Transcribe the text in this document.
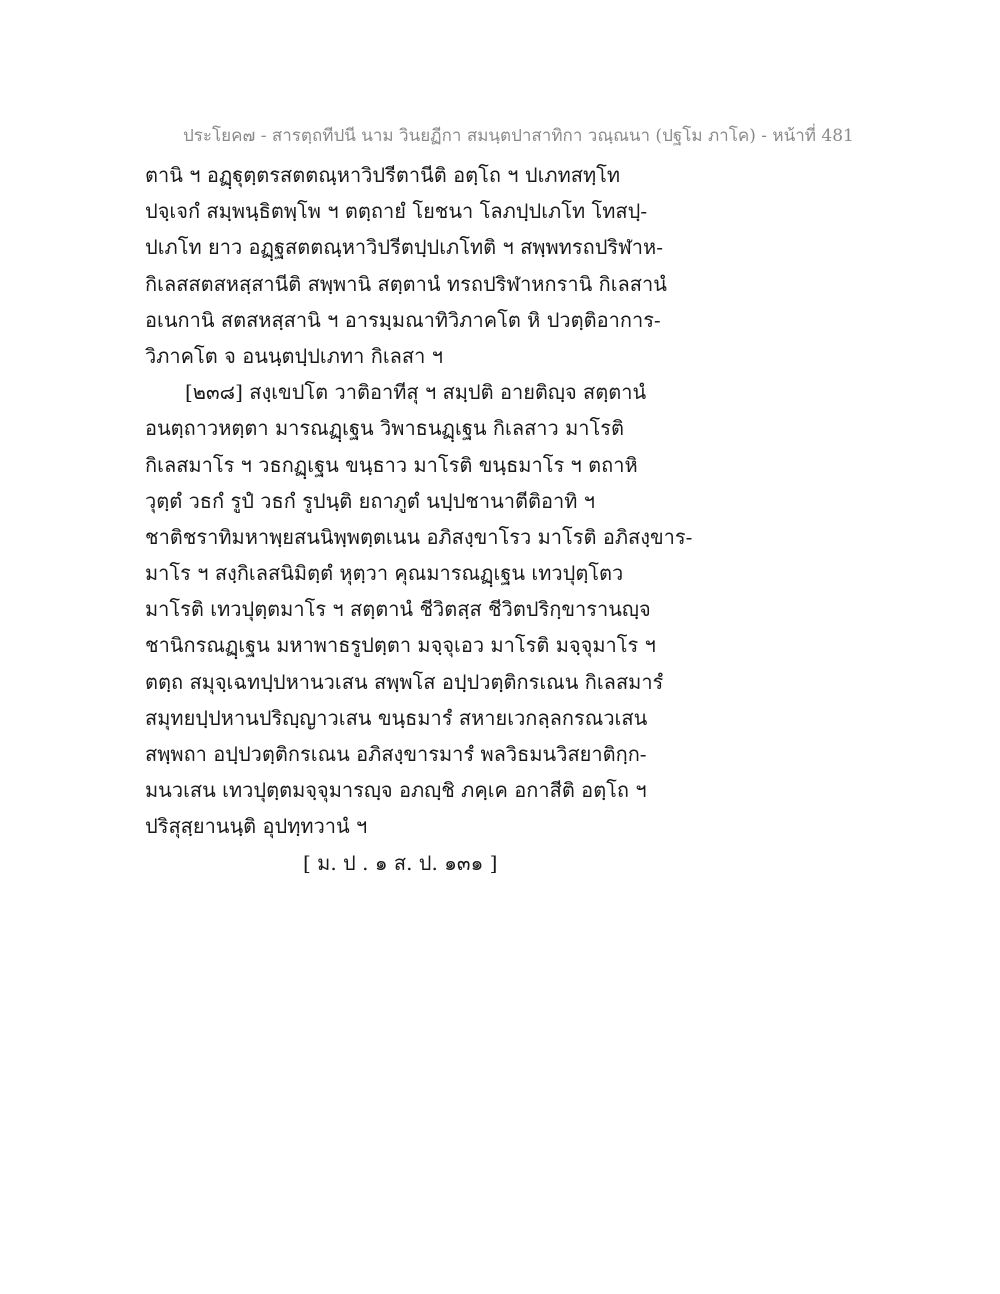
ประโยค๗ - สารตฺถทีปนี นาม วินยฏีกา สมนฺตปาสาทิกา วณฺณนา (ปฐโม ภาโค) - หน้าที่ 481
ตานิ ฯ อฏฺฐุตฺตรสตตณฺหาวิปรีตานีติ อตฺโถ ฯ ปเภทสทฺโท
ปจฺเจกํ สมฺพนฺธิตพฺโพ ฯ ตตฺถายํ โยชนา โลภปฺปเภโท โทสปฺ-
ปเภโท ยาว อฏฺฐสตตณฺหาวิปรีตปฺปเภโทติ ฯ สพฺพทรถปริฬาห-
กิเลสสตสหสฺสานีติ สพฺพานิ สตฺตานํ ทรถปริฬาหกรานิ กิเลสานํ
อเนกานิ สตสหสฺสานิ ฯ อารมฺมณาทิวิภาคโต หิ ปวตฺติอาการ-
วิภาคโต จ อนนฺตปฺปเภทา กิเลสา ฯ
[๒๓๘] สงฺเขปโต วาติอาทีสุ ฯ สมฺปติ อายติญฺจ สตฺตานํ
อนตฺถาวหตฺตา มารณฏฺเฐน วิพาธนฏฺเฐน กิเลสาว มาโรติ
กิเลสมาโร ฯ วธกฏฺเฐน ขนฺธาว มาโรติ ขนฺธมาโร ฯ ตถาหิ
วุตฺตํ วธกํ รูปํ วธกํ รูปนฺติ ยถาภูตํ นปฺปชานาตีติอาทิ ฯ
ชาติชราทิมหาพฺยสนนิพฺพตฺตเนน อภิสงฺขาโรว มาโรติ อภิสงฺขาร-
มาโร ฯ สงฺกิเลสนิมิตฺตํ หุตฺวา คุณมารณฏฺเฐน เทวปุตฺโตว
มาโรติ เทวปุตฺตมาโร ฯ สตฺตานํ ชีวิตสฺส ชีวิตปริกฺขารานญฺจ
ชานิกรณฏฺเฐน มหาพาธรูปตฺตา มจฺจุเอว มาโรติ มจฺจุมาโร ฯ
ตตฺถ สมุจฺเฉทปฺปหานวเสน สพฺพโส อปฺปวตฺติกรเณน กิเลสมารํ
สมุทยปฺปหานปริญฺญาวเสน ขนฺธมารํ สหายเวกลฺลกรณวเสน
สพฺพถา อปฺปวตฺติกรเณน อภิสงฺขารมารํ พลวิธมนวิสยาติกฺก-
มนวเสน เทวปุตฺตมจฺจุมารญฺจ อภญฺชิ ภคฺเค อกาสีติ อตฺโถ ฯ
ปริสุสฺยานนฺติ อุปทฺทวานํ ฯ
[ ม. ป . ๑ ส. ป. ๑๓๑ ]
